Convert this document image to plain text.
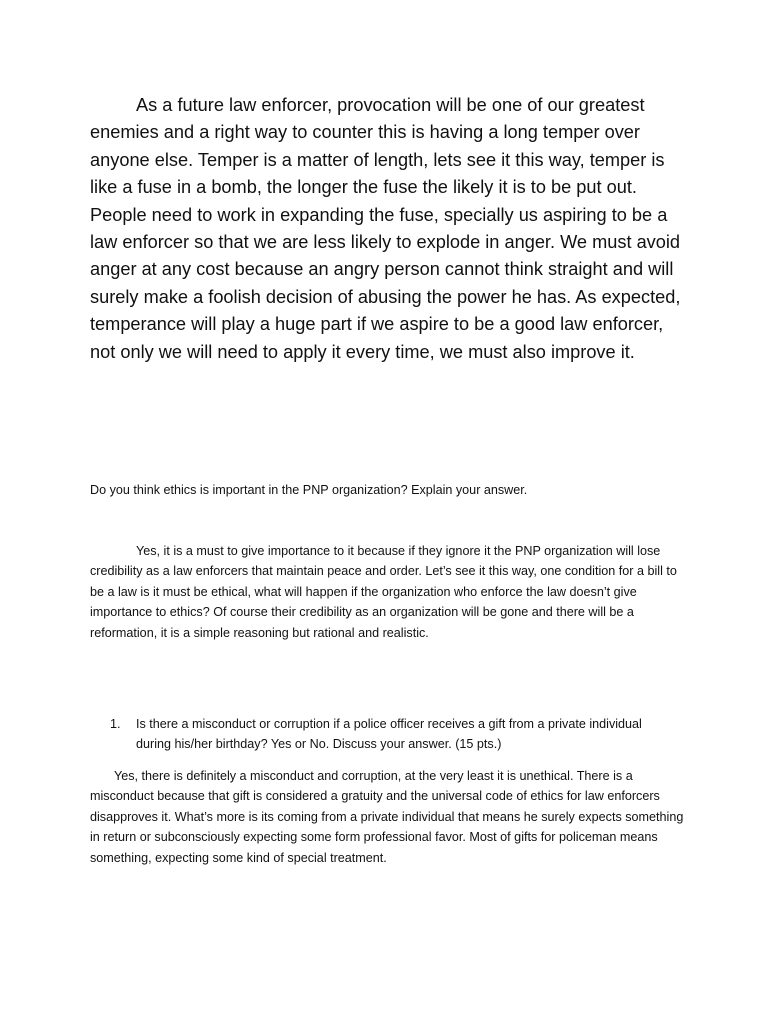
As a future law enforcer, provocation will be one of our greatest enemies and a right way to counter this is having a long temper over anyone else. Temper is a matter of length, lets see it this way, temper is like a fuse in a bomb, the longer the fuse the likely it is to be put out. People need to work in expanding the fuse, specially us aspiring to be a law enforcer so that we are less likely to explode in anger. We must avoid anger at any cost because an angry person cannot think straight and will surely make a foolish decision of abusing the power he has. As expected, temperance will play a huge part if we aspire to be a good law enforcer, not only we will need to apply it every time, we must also improve it.

Do you think ethics is important in the PNP organization? Explain your answer.

Yes, it is a must to give importance to it because if they ignore it the PNP organization will lose credibility as a law enforcers that maintain peace and order. Let’s see it this way, one condition for a bill to be a law is it must be ethical, what will happen if the organization who enforce the law doesn’t give importance to ethics? Of course their credibility as an organization will be gone and there will be a reformation, it is a simple reasoning but rational and realistic.

1.	Is there a misconduct or corruption if a police officer receives a gift from a private individual during his/her birthday? Yes or No. Discuss your answer. (15 pts.)

Yes, there is definitely a misconduct and corruption, at the very least it is unethical. There is a misconduct because that gift is considered a gratuity and the universal code of ethics for law enforcers disapproves it. What’s more is its coming from a private individual that means he surely expects something in return or subconsciously expecting some form professional favor. Most of gifts for policeman means something, expecting some kind of special treatment.
